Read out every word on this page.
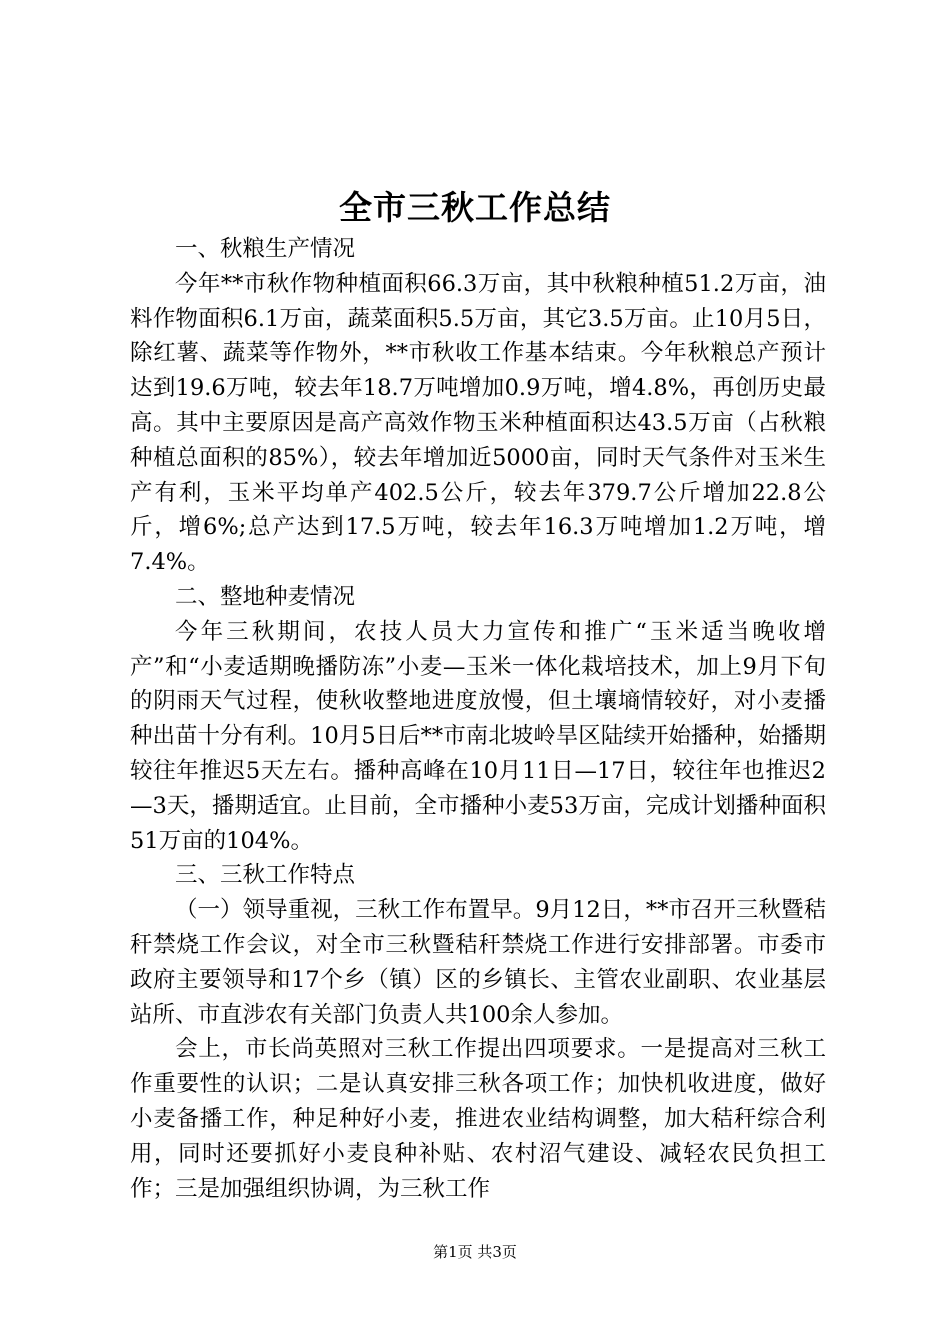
全市三秋工作总结

一、秋粮生产情况

今年**市秋作物种植面积66.3万亩，其中秋粮种植51.2万亩，油料作物面积6.1万亩，蔬菜面积5.5万亩，其它3.5万亩。止10月5日，除红薯、蔬菜等作物外，**市秋收工作基本结束。今年秋粮总产预计达到19.6万吨，较去年18.7万吨增加0.9万吨，增4.8%，再创历史最高。其中主要原因是高产高效作物玉米种植面积达43.5万亩（占秋粮种植总面积的85%），较去年增加近5000亩，同时天气条件对玉米生产有利，玉米平均单产402.5公斤，较去年379.7公斤增加22.8公斤，增6%;总产达到17.5万吨，较去年16.3万吨增加1.2万吨，增7.4%。

二、整地种麦情况

今年三秋期间，农技人员大力宣传和推广“玉米适当晚收增产”和“小麦适期晚播防冻”小麦—玉米一体化栽培技术，加上9月下旬的阴雨天气过程，使秋收整地进度放慢，但土壤墒情较好，对小麦播种出苗十分有利。10月5日后**市南北坡岭旱区陆续开始播种，始播期较往年推迟5天左右。播种高峰在10月11日—17日，较往年也推迟2—3天，播期适宜。止目前，全市播种小麦53万亩，完成计划播种面积51万亩的104%。

三、三秋工作特点

（一）领导重视，三秋工作布置早。9月12日，**市召开三秋暨秸秆禁烧工作会议，对全市三秋暨秸秆禁烧工作进行安排部署。市委市政府主要领导和17个乡（镇）区的乡镇长、主管农业副职、农业基层站所、市直涉农有关部门负责人共100余人参加。

会上，市长尚英照对三秋工作提出四项要求。一是提高对三秋工作重要性的认识；二是认真安排三秋各项工作；加快机收进度，做好小麦备播工作，种足种好小麦，推进农业结构调整，加大秸秆综合利用，同时还要抓好小麦良种补贴、农村沼气建设、减轻农民负担工作；三是加强组织协调，为三秋工作

第1页 共3页
